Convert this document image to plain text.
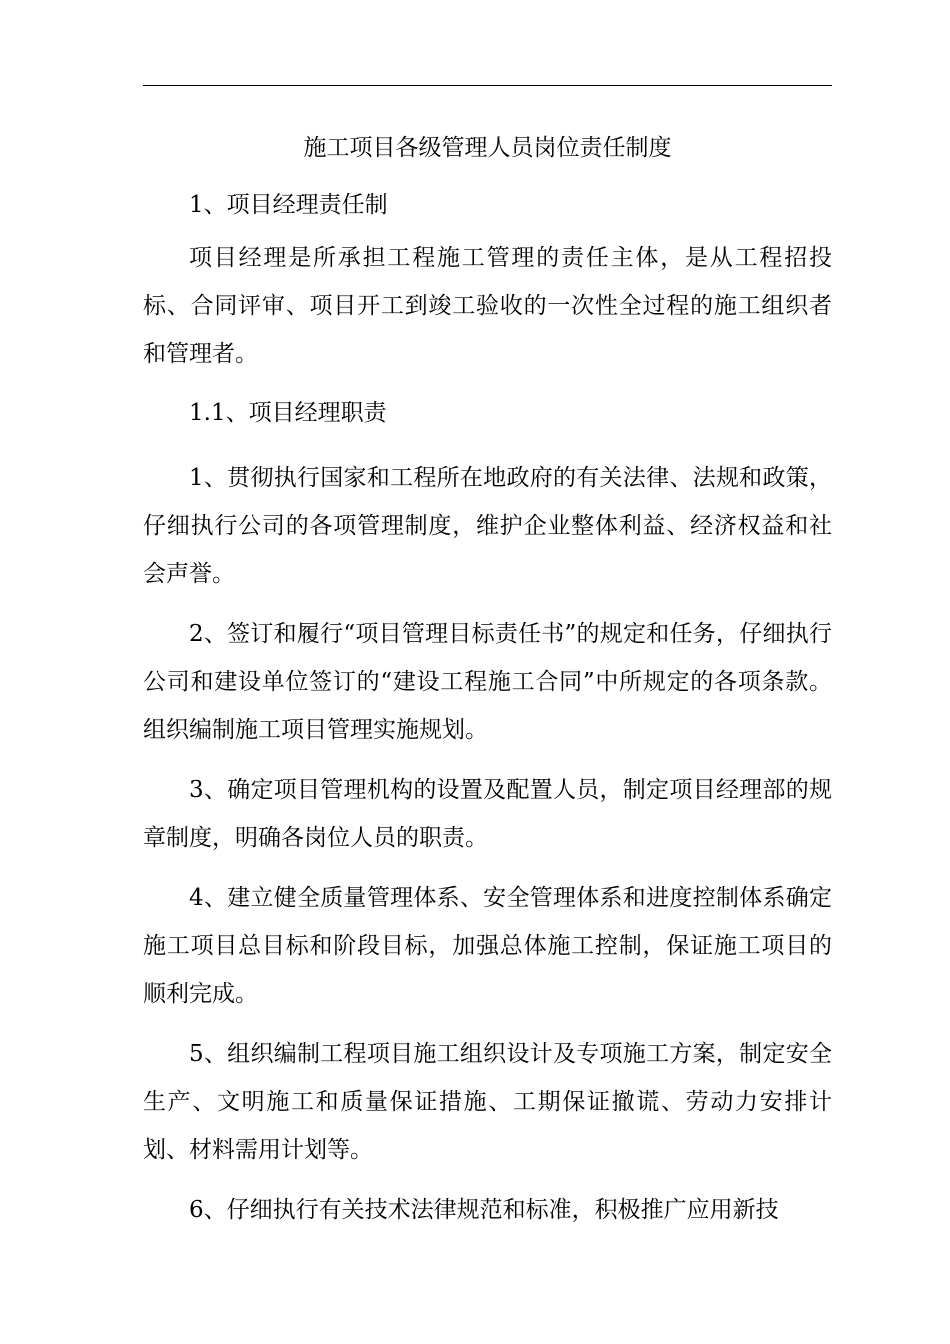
施工项目各级管理人员岗位责任制度

1、项目经理责任制

项目经理是所承担工程施工管理的责任主体，是从工程招投标、合同评审、项目开工到竣工验收的一次性全过程的施工组织者和管理者。

1.1、项目经理职责

1、贯彻执行国家和工程所在地政府的有关法律、法规和政策，仔细执行公司的各项管理制度，维护企业整体利益、经济权益和社会声誉。

2、签订和履行“项目管理目标责任书”的规定和任务，仔细执行公司和建设单位签订的“建设工程施工合同”中所规定的各项条款。组织编制施工项目管理实施规划。

3、确定项目管理机构的设置及配置人员，制定项目经理部的规章制度，明确各岗位人员的职责。

4、建立健全质量管理体系、安全管理体系和进度控制体系确定施工项目总目标和阶段目标，加强总体施工控制，保证施工项目的顺利完成。

5、组织编制工程项目施工组织设计及专项施工方案，制定安全生产、文明施工和质量保证措施、工期保证撤谎、劳动力安排计划、材料需用计划等。

6、仔细执行有关技术法律规范和标准，积极推广应用新技
